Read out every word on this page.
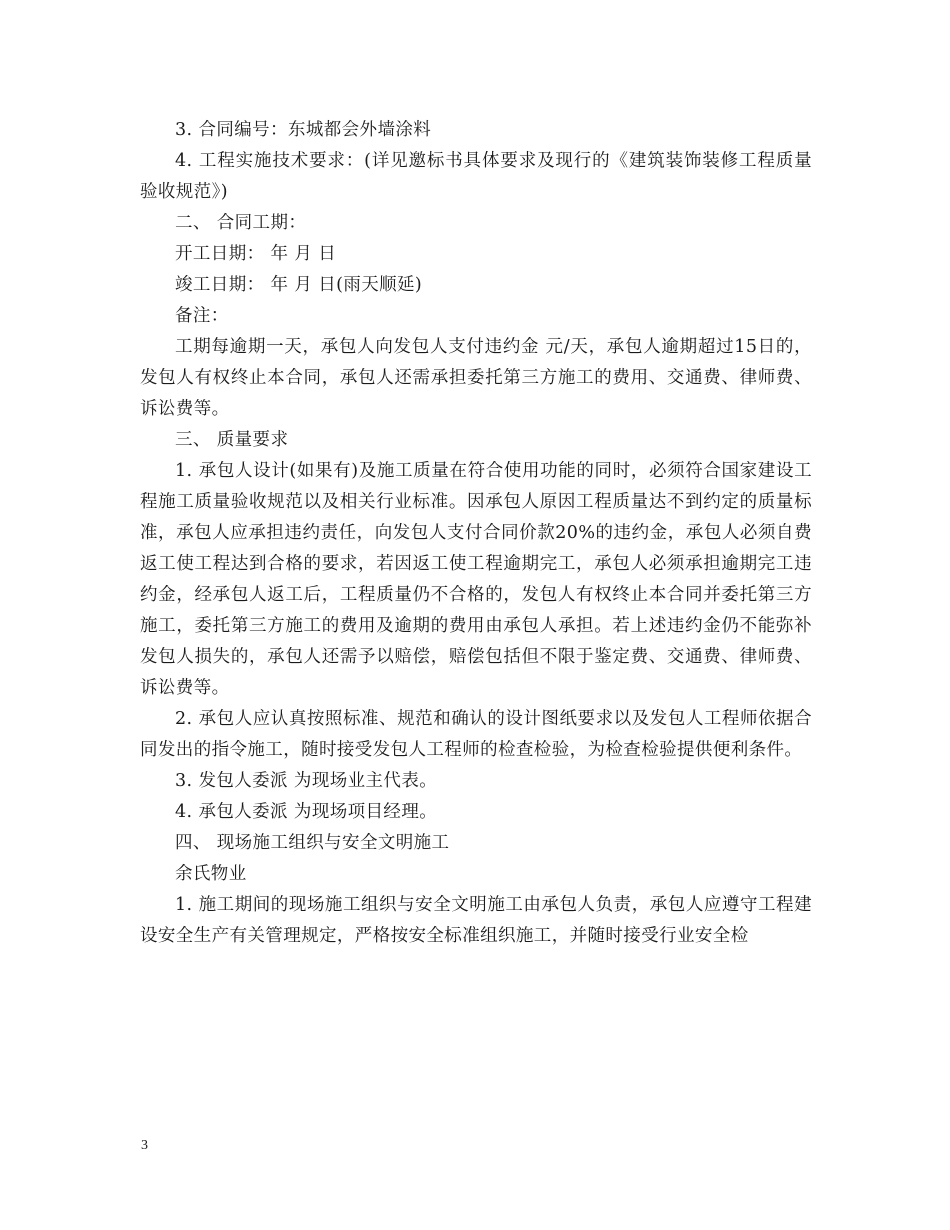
3. 合同编号：东城都会外墙涂料

4. 工程实施技术要求：(详见邀标书具体要求及现行的《建筑装饰装修工程质量验收规范》)

二、 合同工期：

开工日期： 年 月 日

竣工日期： 年 月 日(雨天顺延)

备注：

工期每逾期一天，承包人向发包人支付违约金 元/天，承包人逾期超过15日的，发包人有权终止本合同，承包人还需承担委托第三方施工的费用、交通费、律师费、诉讼费等。

三、 质量要求

1. 承包人设计(如果有)及施工质量在符合使用功能的同时，必须符合国家建设工程施工质量验收规范以及相关行业标准。因承包人原因工程质量达不到约定的质量标准，承包人应承担违约责任，向发包人支付合同价款20%的违约金，承包人必须自费返工使工程达到合格的要求，若因返工使工程逾期完工，承包人必须承担逾期完工违约金，经承包人返工后，工程质量仍不合格的，发包人有权终止本合同并委托第三方施工，委托第三方施工的费用及逾期的费用由承包人承担。若上述违约金仍不能弥补发包人损失的，承包人还需予以赔偿，赔偿包括但不限于鉴定费、交通费、律师费、诉讼费等。

2. 承包人应认真按照标准、规范和确认的设计图纸要求以及发包人工程师依据合同发出的指令施工，随时接受发包人工程师的检查检验，为检查检验提供便利条件。

3. 发包人委派 为现场业主代表。

4. 承包人委派 为现场项目经理。

四、 现场施工组织与安全文明施工

余氏物业

1. 施工期间的现场施工组织与安全文明施工由承包人负责，承包人应遵守工程建设安全生产有关管理规定，严格按安全标准组织施工，并随时接受行业安全检

3
